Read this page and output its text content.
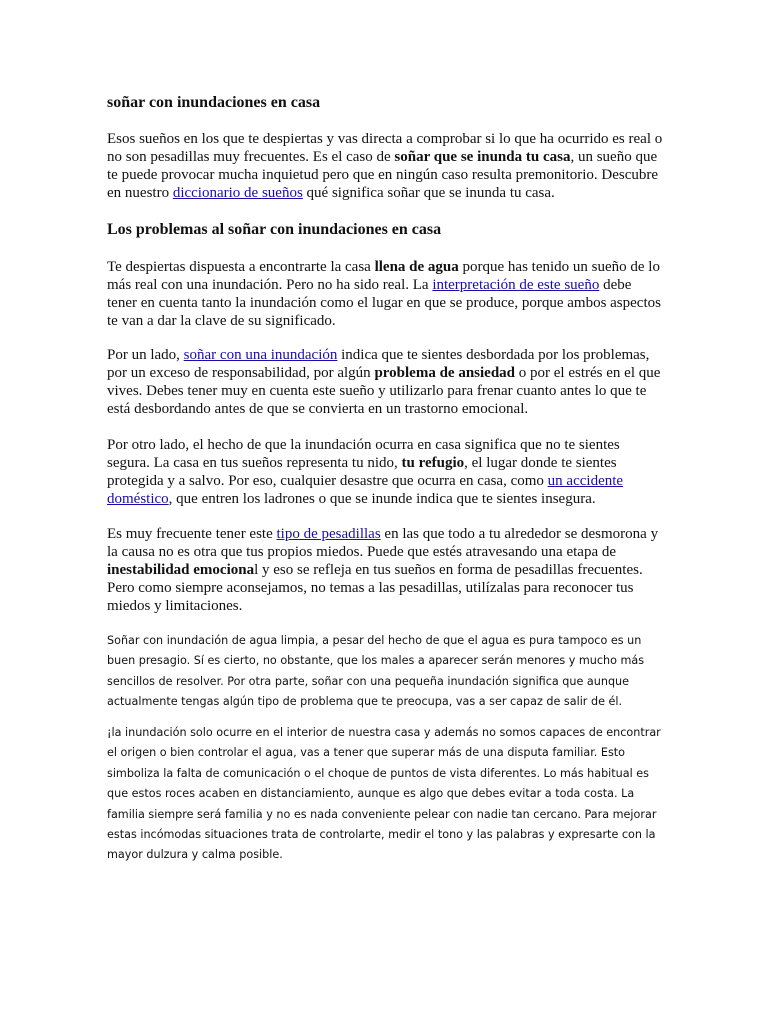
soñar con inundaciones en casa

Esos sueños en los que te despiertas y vas directa a comprobar si lo que ha ocurrido es real o no son pesadillas muy frecuentes. Es el caso de soñar que se inunda tu casa, un sueño que te puede provocar mucha inquietud pero que en ningún caso resulta premonitorio. Descubre en nuestro diccionario de sueños qué significa soñar que se inunda tu casa.

Los problemas al soñar con inundaciones en casa

Te despiertas dispuesta a encontrarte la casa llena de agua porque has tenido un sueño de lo más real con una inundación. Pero no ha sido real. La interpretación de este sueño debe tener en cuenta tanto la inundación como el lugar en que se produce, porque ambos aspectos te van a dar la clave de su significado.

Por un lado, soñar con una inundación indica que te sientes desbordada por los problemas, por un exceso de responsabilidad, por algún problema de ansiedad o por el estrés en el que vives. Debes tener muy en cuenta este sueño y utilizarlo para frenar cuanto antes lo que te está desbordando antes de que se convierta en un trastorno emocional.

Por otro lado, el hecho de que la inundación ocurra en casa significa que no te sientes segura. La casa en tus sueños representa tu nido, tu refugio, el lugar donde te sientes protegida y a salvo. Por eso, cualquier desastre que ocurra en casa, como un accidente doméstico, que entren los ladrones o que se inunde indica que te sientes insegura.

Es muy frecuente tener este tipo de pesadillas en las que todo a tu alrededor se desmorona y la causa no es otra que tus propios miedos. Puede que estés atravesando una etapa de inestabilidad emocional y eso se refleja en tus sueños en forma de pesadillas frecuentes. Pero como siempre aconsejamos, no temas a las pesadillas, utilízalas para reconocer tus miedos y limitaciones.

Soñar con inundación de agua limpia, a pesar del hecho de que el agua es pura tampoco es un buen presagio. Sí es cierto, no obstante, que los males a aparecer serán menores y mucho más sencillos de resolver. Por otra parte, soñar con una pequeña inundación significa que aunque actualmente tengas algún tipo de problema que te preocupa, vas a ser capaz de salir de él.

¡la inundación solo ocurre en el interior de nuestra casa y además no somos capaces de encontrar el origen o bien controlar el agua, vas a tener que superar más de una disputa familiar. Esto simboliza la falta de comunicación o el choque de puntos de vista diferentes. Lo más habitual es que estos roces acaben en distanciamiento, aunque es algo que debes evitar a toda costa. La familia siempre será familia y no es nada conveniente pelear con nadie tan cercano. Para mejorar estas incómodas situaciones trata de controlarte, medir el tono y las palabras y expresarte con la mayor dulzura y calma posible.
